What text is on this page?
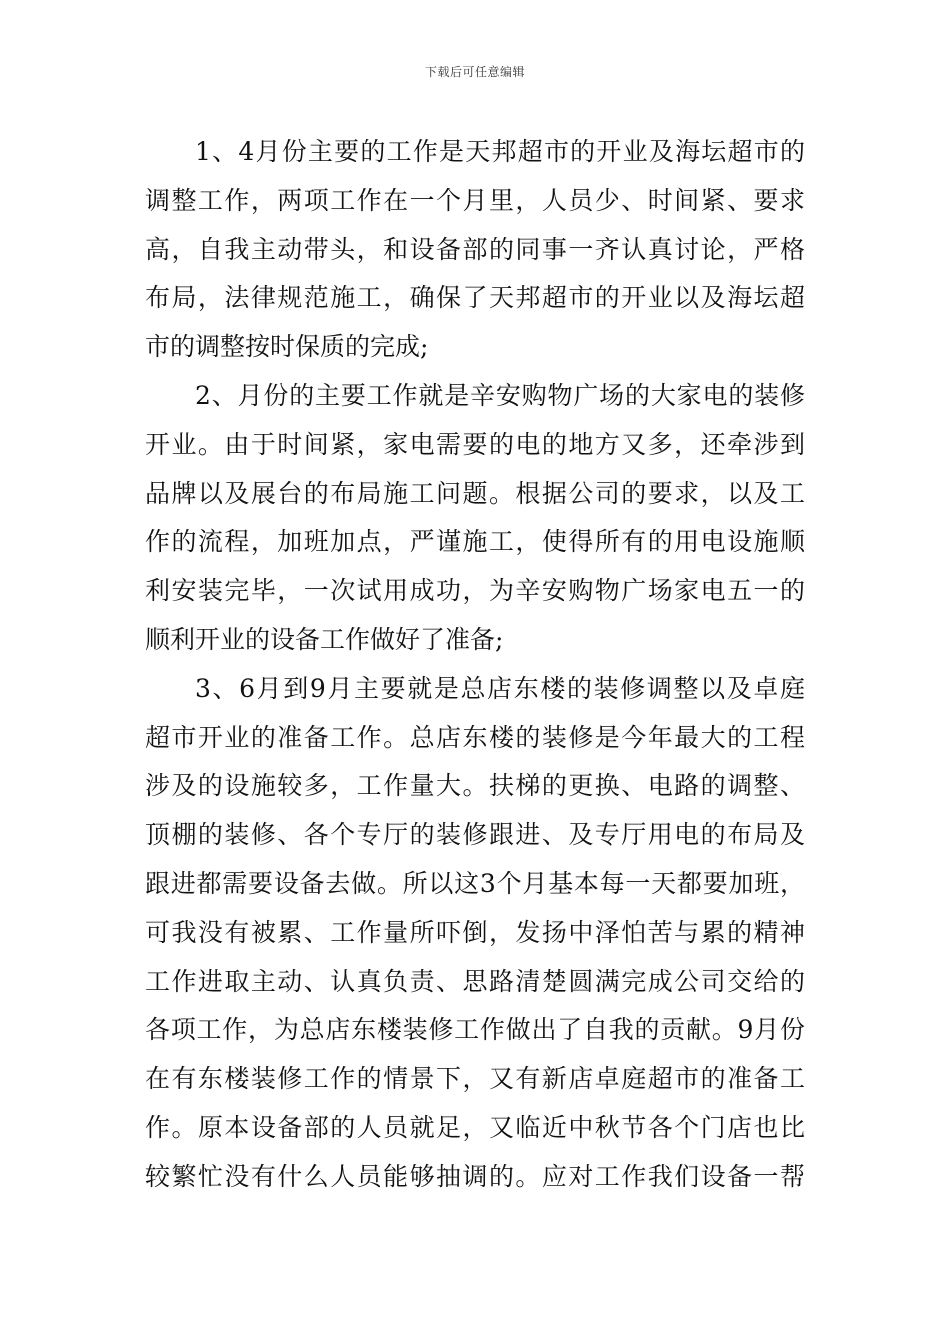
下载后可任意编辑
1、4月份主要的工作是天邦超市的开业及海坛超市的
调整工作，两项工作在一个月里，人员少、时间紧、要求
高，自我主动带头，和设备部的同事一齐认真讨论，严格
布局，法律规范施工，确保了天邦超市的开业以及海坛超
市的调整按时保质的完成;
2、月份的主要工作就是辛安购物广场的大家电的装修
开业。由于时间紧，家电需要的电的地方又多，还牵涉到
品牌以及展台的布局施工问题。根据公司的要求，以及工
作的流程，加班加点，严谨施工，使得所有的用电设施顺
利安装完毕，一次试用成功，为辛安购物广场家电五一的
顺利开业的设备工作做好了准备;
3、6月到9月主要就是总店东楼的装修调整以及卓庭
超市开业的准备工作。总店东楼的装修是今年最大的工程
涉及的设施较多，工作量大。扶梯的更换、电路的调整、
顶棚的装修、各个专厅的装修跟进、及专厅用电的布局及
跟进都需要设备去做。所以这3个月基本每一天都要加班，
可我没有被累、工作量所吓倒，发扬中泽怕苦与累的精神
工作进取主动、认真负责、思路清楚圆满完成公司交给的
各项工作，为总店东楼装修工作做出了自我的贡献。9月份
在有东楼装修工作的情景下，又有新店卓庭超市的准备工
作。原本设备部的人员就足，又临近中秋节各个门店也比
较繁忙没有什么人员能够抽调的。应对工作我们设备一帮
